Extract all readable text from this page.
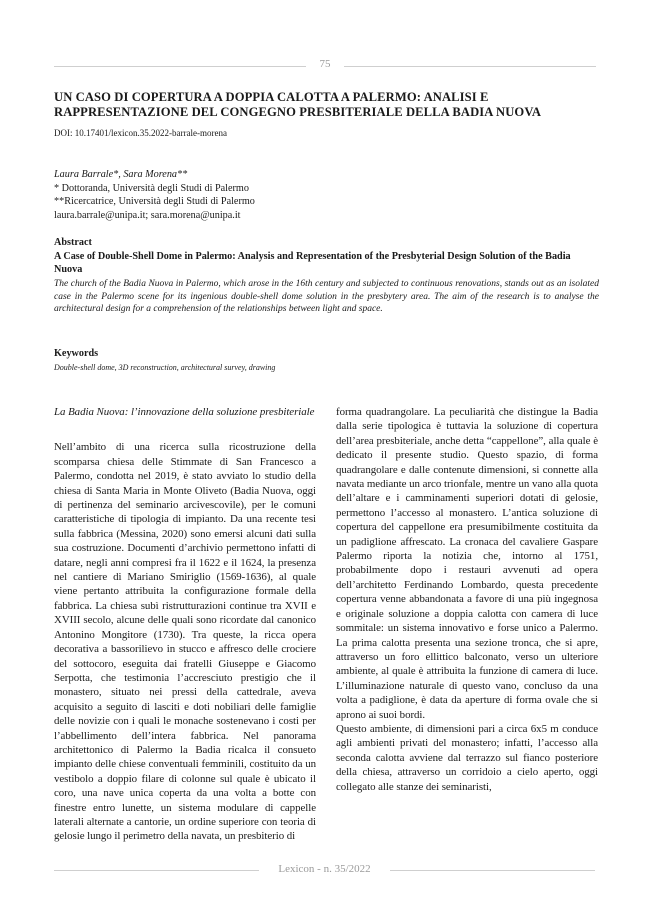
75
UN CASO DI COPERTURA A DOPPIA CALOTTA A PALERMO: ANALISI E RAPPRESENTAZIONE DEL CONGEGNO PRESBITERIALE DELLA BADIA NUOVA
DOI: 10.17401/lexicon.35.2022-barrale-morena
Laura Barrale*, Sara Morena**
* Dottoranda, Università degli Studi di Palermo
**Ricercatrice, Università degli Studi di Palermo
laura.barrale@unipa.it; sara.morena@unipa.it
Abstract
A Case of Double-Shell Dome in Palermo: Analysis and Representation of the Presbyterial Design Solution of the Badia Nuova
The church of the Badia Nuova in Palermo, which arose in the 16th century and subjected to continuous renovations, stands out as an isolated case in the Palermo scene for its ingenious double-shell dome solution in the presbytery area. The aim of the research is to analyse the architectural design for a comprehension of the relationships between light and space.
Keywords
Double-shell dome, 3D reconstruction, architectural survey, drawing

La Badia Nuova: l’innovazione della soluzione presbiteriale

Nell’ambito di una ricerca sulla ricostruzione della scomparsa chiesa delle Stimmate di San Francesco a Palermo, condotta nel 2019, è stato avviato lo studio della chiesa di Santa Maria in Monte Oliveto (Badia Nuova, oggi di pertinenza del seminario arcivescovile), per le comuni caratteristiche di tipologia di impianto. Da una recente tesi sulla fabbrica (Messina, 2020) sono emersi alcuni dati sulla sua costruzione. Documenti d’archivio permettono infatti di datare, negli anni compresi fra il 1622 e il 1624, la presenza nel cantiere di Mariano Smiriglio (1569-1636), al quale viene pertanto attribuita la configurazione formale della fabbrica. La chiesa subì ristrutturazioni continue tra XVII e XVIII secolo, alcune delle quali sono ricordate dal canonico Antonino Mongitore (1730). Tra queste, la ricca opera decorativa a bassorilievo in stucco e affresco delle crociere del sottocoro, eseguita dai fratelli Giuseppe e Giacomo Serpotta, che testimonia l’accresciuto prestigio che il monastero, situato nei pressi della cattedrale, aveva acquisito a seguito di lasciti e doti nobiliari delle famiglie delle novizie con i quali le monache sostenevano i costi per l’abbellimento dell’intera fabbrica. Nel panorama architettonico di Palermo la Badia ricalca il consueto impianto delle chiese conventuali femminili, costituito da un vestibolo a doppio filare di colonne sul quale è ubicato il coro, una nave unica coperta da una volta a botte con finestre entro lunette, un sistema modulare di cappelle laterali alternate a cantorie, un ordine superiore con teoria di gelosie lungo il perimetro della navata, un presbiterio di

forma quadrangolare. La peculiarità che distingue la Badia dalla serie tipologica è tuttavia la soluzione di copertura dell’area presbiteriale, anche detta “cappellone”, alla quale è dedicato il presente studio. Questo spazio, di forma quadrangolare e dalle contenute dimensioni, si connette alla navata mediante un arco trionfale, mentre un vano alla quota dell’altare e i camminamenti superiori dotati di gelosie, permettono l’accesso al monastero. L’antica soluzione di copertura del cappellone era presumibilmente costituita da un padiglione affrescato. La cronaca del cavaliere Gaspare Palermo riporta la notizia che, intorno al 1751, probabilmente dopo i restauri avvenuti ad opera dell’architetto Ferdinando Lombardo, questa precedente copertura venne abbandonata a favore di una più ingegnosa e originale soluzione a doppia calotta con camera di luce sommitale: un sistema innovativo e forse unico a Palermo. La prima calotta presenta una sezione tronca, che si apre, attraverso un foro ellittico balconato, verso un ulteriore ambiente, al quale è attribuita la funzione di camera di luce. L’illuminazione naturale di questo vano, concluso da una volta a padiglione, è data da aperture di forma ovale che si aprono ai suoi bordi.

Questo ambiente, di dimensioni pari a circa 6x5 m conduce agli ambienti privati del monastero; infatti, l’accesso alla seconda calotta avviene dal terrazzo sul fianco posteriore della chiesa, attraverso un corridoio a cielo aperto, oggi collegato alle stanze dei seminaristi,

Lexicon - n. 35/2022
